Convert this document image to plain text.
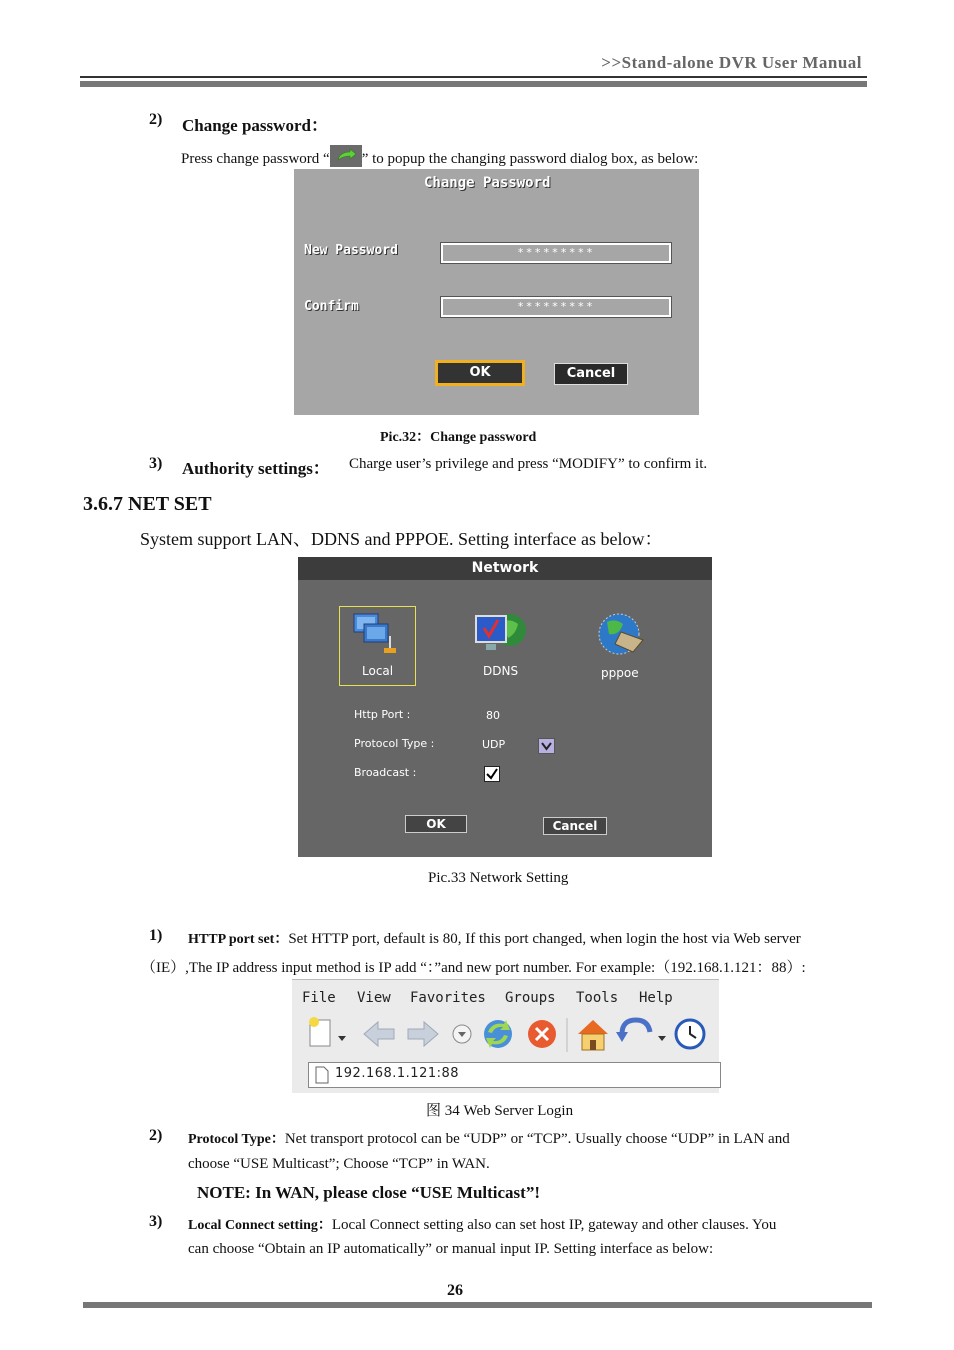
>>Stand-alone DVR User Manual
2) Change password：
Press change password “ ” to popup the changing password dialog box, as below:
Change Password
New Password	*********
Confirm	*********
OK	Cancel
Pic.32：Change password
3) Authority settings： Charge user’s privilege and press “MODIFY” to confirm it.
3.6.7 NET SET
System support LAN、DDNS and PPPOE. Setting interface as below：
Network
Local	DDNS	pppoe
Http Port :	80
Protocol Type :	UDP
Broadcast :
OK	Cancel
Pic.33 Network Setting
1) HTTP port set：Set HTTP port, default is 80, If this port changed, when login the host via Web server
（IE）,The IP address input method is IP add “：”and new port number. For example:（192.168.1.121：88）:
File View Favorites Groups Tools Help
192.168.1.121:88
图 34 Web Server Login
2) Protocol Type：Net transport protocol can be “UDP” or “TCP”. Usually choose “UDP” in LAN and
choose “USE Multicast”; Choose “TCP” in WAN.
NOTE: In WAN, please close “USE Multicast”!
3) Local Connect setting：Local Connect setting also can set host IP, gateway and other clauses. You
can choose “Obtain an IP automatically” or manual input IP. Setting interface as below:
26
